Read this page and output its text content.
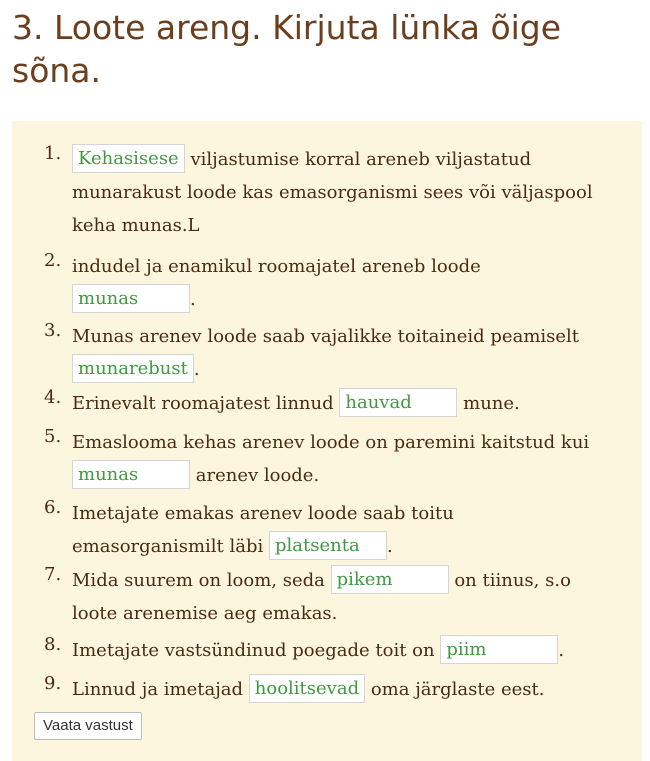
3. Loote areng. Kirjuta lünka õige sõna.
1. Kehasisese viljastumise korral areneb viljastatud
munarakust loode kas emasorganismi sees või väljaspool
keha munas.L
2. indudel ja enamikul roomajatel areneb loode
munas	.
3. Munas arenev loode saab vajalikke toitaineid peamiselt
munarebust .
4. Erinevalt roomajatest linnud hauvad	mune.
5. Emaslooma kehas arenev loode on paremini kaitstud kui
munas	arenev loode.
6. Imetajate emakas arenev loode saab toitu
emasorganismilt läbi platsenta .
7. Mida suurem on loom, seda pikem	on tiinus, s.o
loote arenemise aeg emakas.
8. Imetajate vastsündinud poegade toit on piim	.
9. Linnud ja imetajad hoolitsevad oma järglaste eest.
Vaata vastust
